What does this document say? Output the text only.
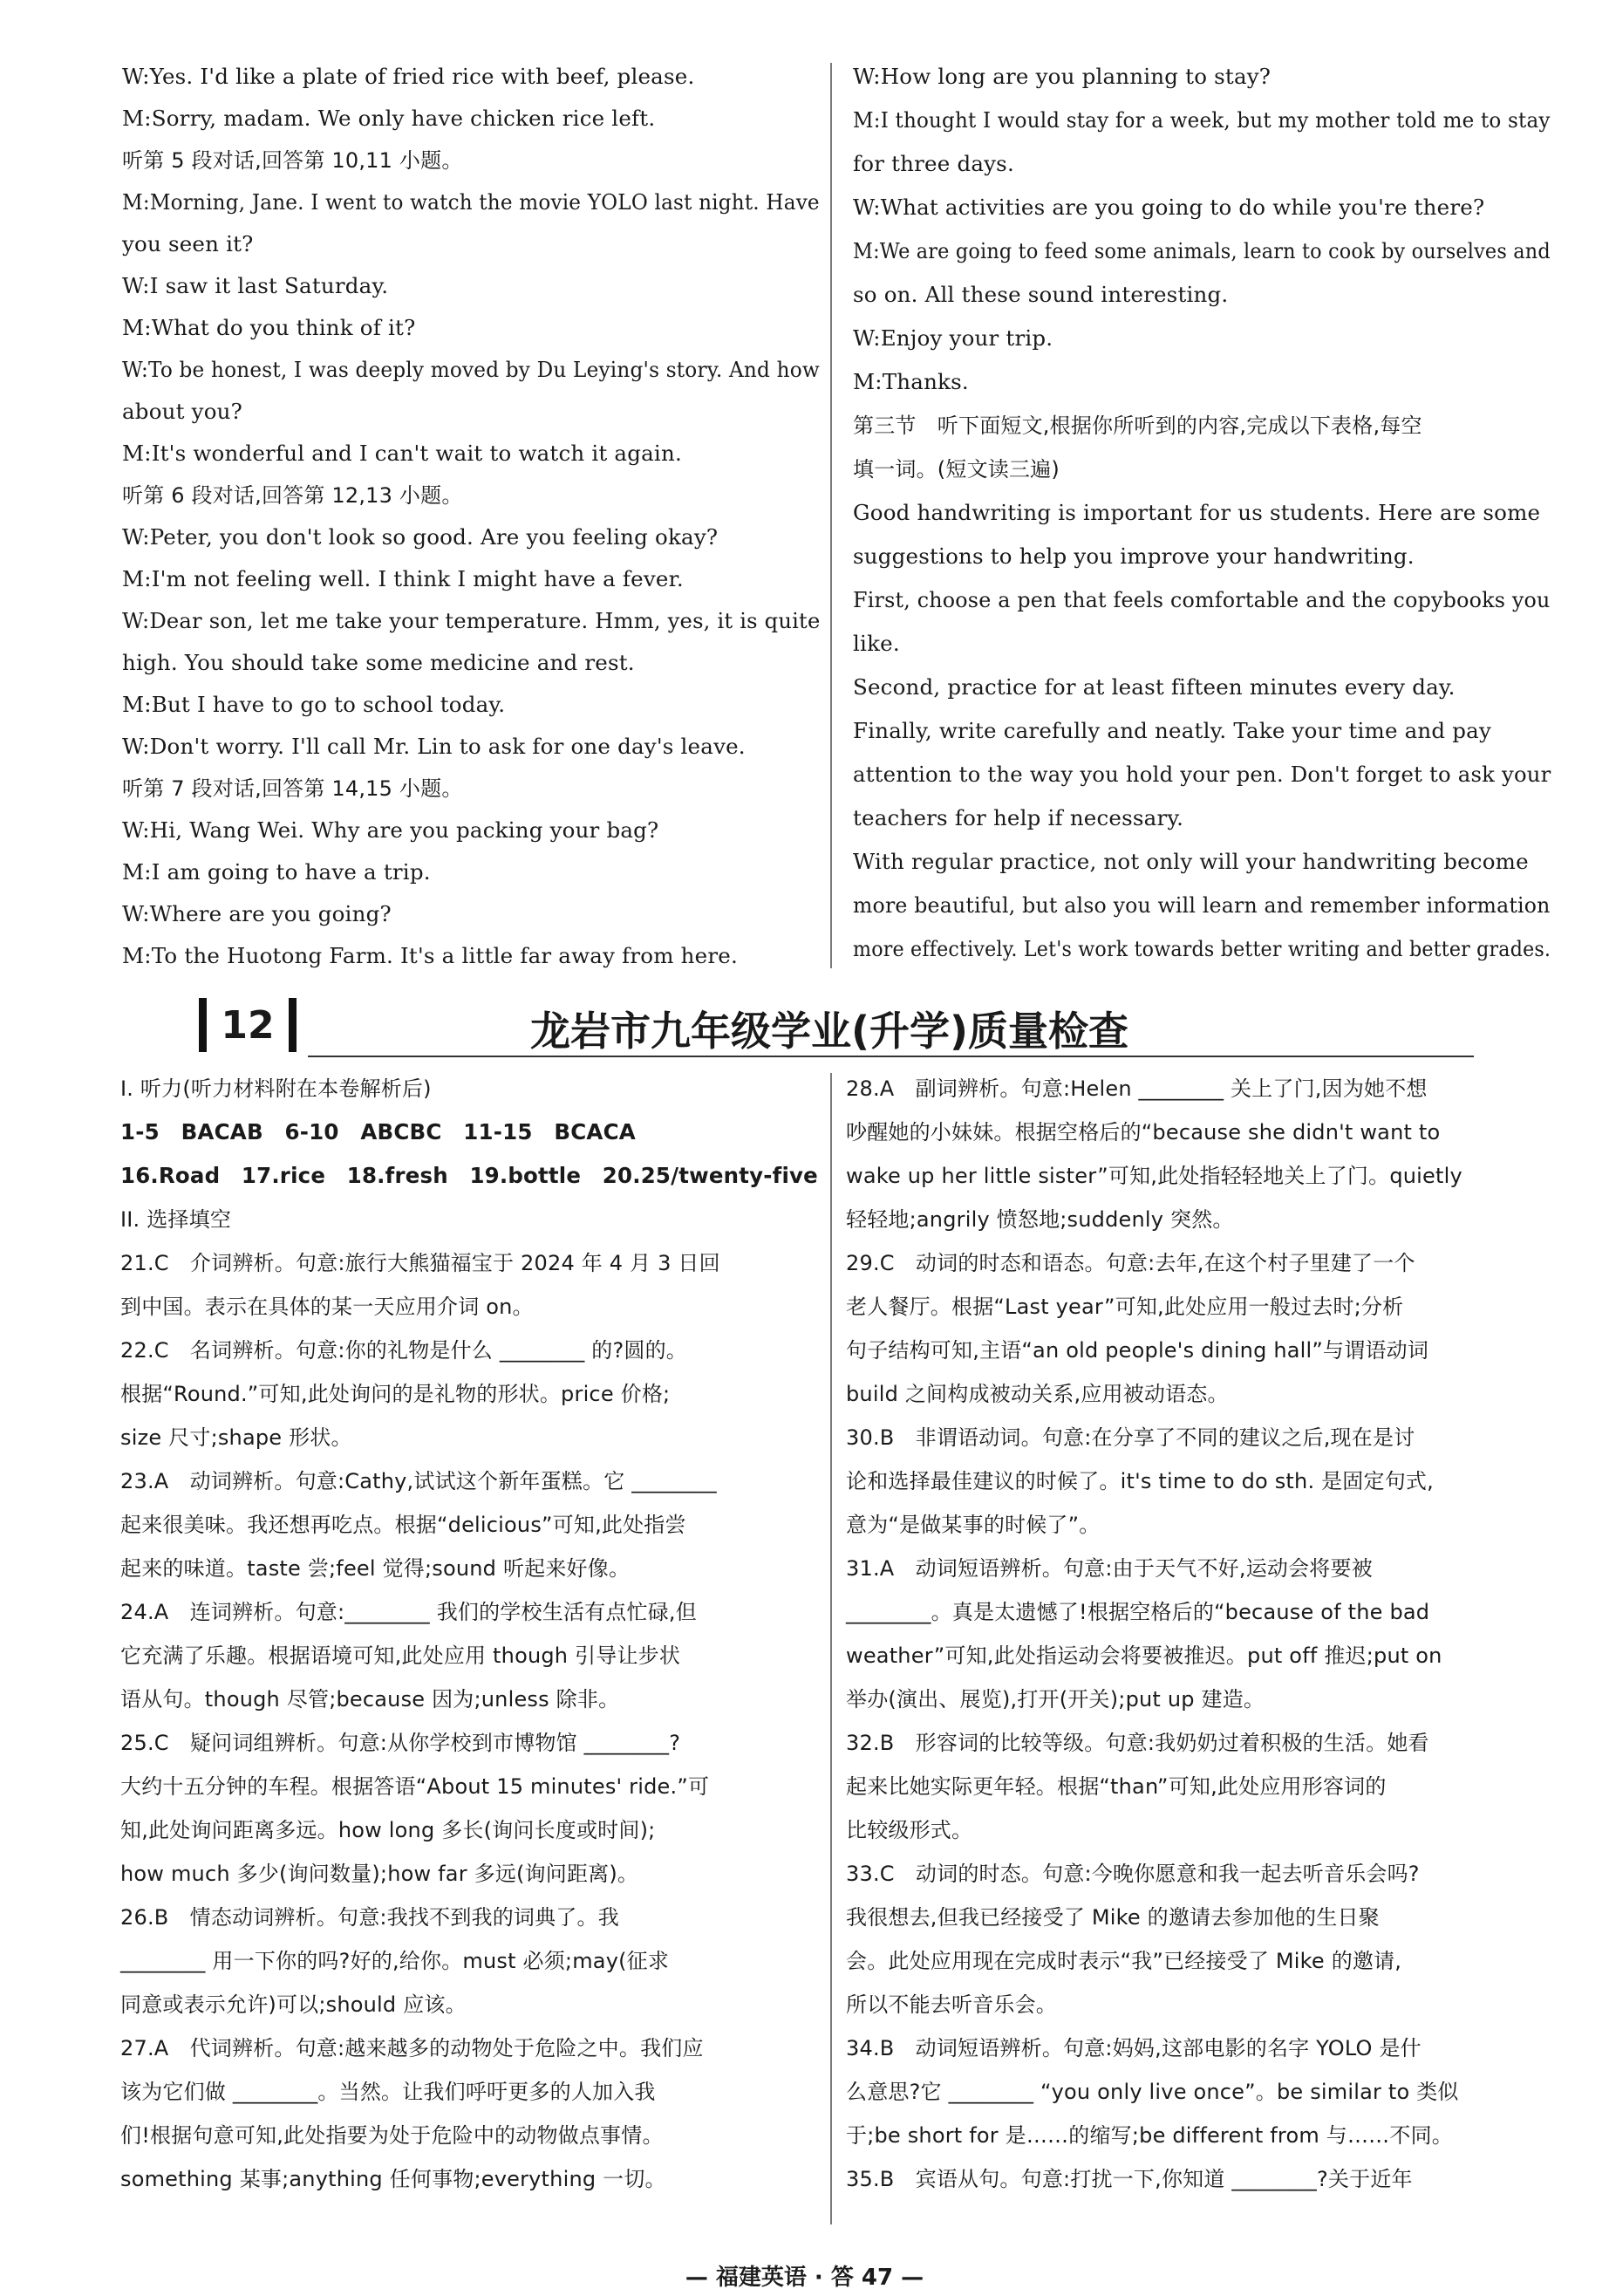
W:Yes. I'd like a plate of fried rice with beef, please.
M:Sorry, madam. We only have chicken rice left.
听第 5 段对话,回答第 10,11 小题。
M:Morning, Jane. I went to watch the movie YOLO last night. Have
you seen it?
W:I saw it last Saturday.
M:What do you think of it?
W:To be honest, I was deeply moved by Du Leying's story. And how
about you?
M:It's wonderful and I can't wait to watch it again.
听第 6 段对话,回答第 12,13 小题。
W:Peter, you don't look so good. Are you feeling okay?
M:I'm not feeling well. I think I might have a fever.
W:Dear son, let me take your temperature. Hmm, yes, it is quite
high. You should take some medicine and rest.
M:But I have to go to school today.
W:Don't worry. I'll call Mr. Lin to ask for one day's leave.
听第 7 段对话,回答第 14,15 小题。
W:Hi, Wang Wei. Why are you packing your bag?
M:I am going to have a trip.
W:Where are you going?
M:To the Huotong Farm. It's a little far away from here.
W:How long are you planning to stay?
M:I thought I would stay for a week, but my mother told me to stay
for three days.
W:What activities are you going to do while you're there?
M:We are going to feed some animals, learn to cook by ourselves and
so on. All these sound interesting.
W:Enjoy your trip.
M:Thanks.
第三节　听下面短文,根据你所听到的内容,完成以下表格,每空
填一词。(短文读三遍)
Good handwriting is important for us students. Here are some
suggestions to help you improve your handwriting.
First, choose a pen that feels comfortable and the copybooks you
like.
Second, practice for at least fifteen minutes every day.
Finally, write carefully and neatly. Take your time and pay
attention to the way you hold your pen. Don't forget to ask your
teachers for help if necessary.
With regular practice, not only will your handwriting become
more beautiful, but also you will learn and remember information
more effectively. Let's work towards better writing and better grades.
12	龙岩市九年级学业(升学)质量检查
I. 听力(听力材料附在本卷解析后)
1-5　BACAB　6-10　ABCBC　11-15　BCACA
16.Road　17.rice　18.fresh　19.bottle　20.25/twenty-five
II. 选择填空
21.C　介词辨析。句意:旅行大熊猫福宝于 2024 年 4 月 3 日回
到中国。表示在具体的某一天应用介词 on。
22.C　名词辨析。句意:你的礼物是什么 ________ 的?圆的。
根据“Round.”可知,此处询问的是礼物的形状。price 价格;
size 尺寸;shape 形状。
23.A　动词辨析。句意:Cathy,试试这个新年蛋糕。它 ________
起来很美味。我还想再吃点。根据“delicious”可知,此处指尝
起来的味道。taste 尝;feel 觉得;sound 听起来好像。
24.A　连词辨析。句意:________ 我们的学校生活有点忙碌,但
它充满了乐趣。根据语境可知,此处应用 though 引导让步状
语从句。though 尽管;because 因为;unless 除非。
25.C　疑问词组辨析。句意:从你学校到市博物馆 ________?
大约十五分钟的车程。根据答语“About 15 minutes' ride.”可
知,此处询问距离多远。how long 多长(询问长度或时间);
how much 多少(询问数量);how far 多远(询问距离)。
26.B　情态动词辨析。句意:我找不到我的词典了。我
________ 用一下你的吗?好的,给你。must 必须;may(征求
同意或表示允许)可以;should 应该。
27.A　代词辨析。句意:越来越多的动物处于危险之中。我们应
该为它们做 ________。当然。让我们呼吁更多的人加入我
们!根据句意可知,此处指要为处于危险中的动物做点事情。
something 某事;anything 任何事物;everything 一切。
28.A　副词辨析。句意:Helen ________ 关上了门,因为她不想
吵醒她的小妹妹。根据空格后的“because she didn't want to
wake up her little sister”可知,此处指轻轻地关上了门。quietly
轻轻地;angrily 愤怒地;suddenly 突然。
29.C　动词的时态和语态。句意:去年,在这个村子里建了一个
老人餐厅。根据“Last year”可知,此处应用一般过去时;分析
句子结构可知,主语“an old people's dining hall”与谓语动词
build 之间构成被动关系,应用被动语态。
30.B　非谓语动词。句意:在分享了不同的建议之后,现在是讨
论和选择最佳建议的时候了。it's time to do sth. 是固定句式,
意为“是做某事的时候了”。
31.A　动词短语辨析。句意:由于天气不好,运动会将要被
________。真是太遗憾了!根据空格后的“because of the bad
weather”可知,此处指运动会将要被推迟。put off 推迟;put on
举办(演出、展览),打开(开关);put up 建造。
32.B　形容词的比较等级。句意:我奶奶过着积极的生活。她看
起来比她实际更年轻。根据“than”可知,此处应用形容词的
比较级形式。
33.C　动词的时态。句意:今晚你愿意和我一起去听音乐会吗?
我很想去,但我已经接受了 Mike 的邀请去参加他的生日聚
会。此处应用现在完成时表示“我”已经接受了 Mike 的邀请,
所以不能去听音乐会。
34.B　动词短语辨析。句意:妈妈,这部电影的名字 YOLO 是什
么意思?它 ________ “you only live once”。be similar to 类似
于;be short for 是……的缩写;be different from 与……不同。
35.B　宾语从句。句意:打扰一下,你知道 ________?关于近年
— 福建英语 · 答 47 —
